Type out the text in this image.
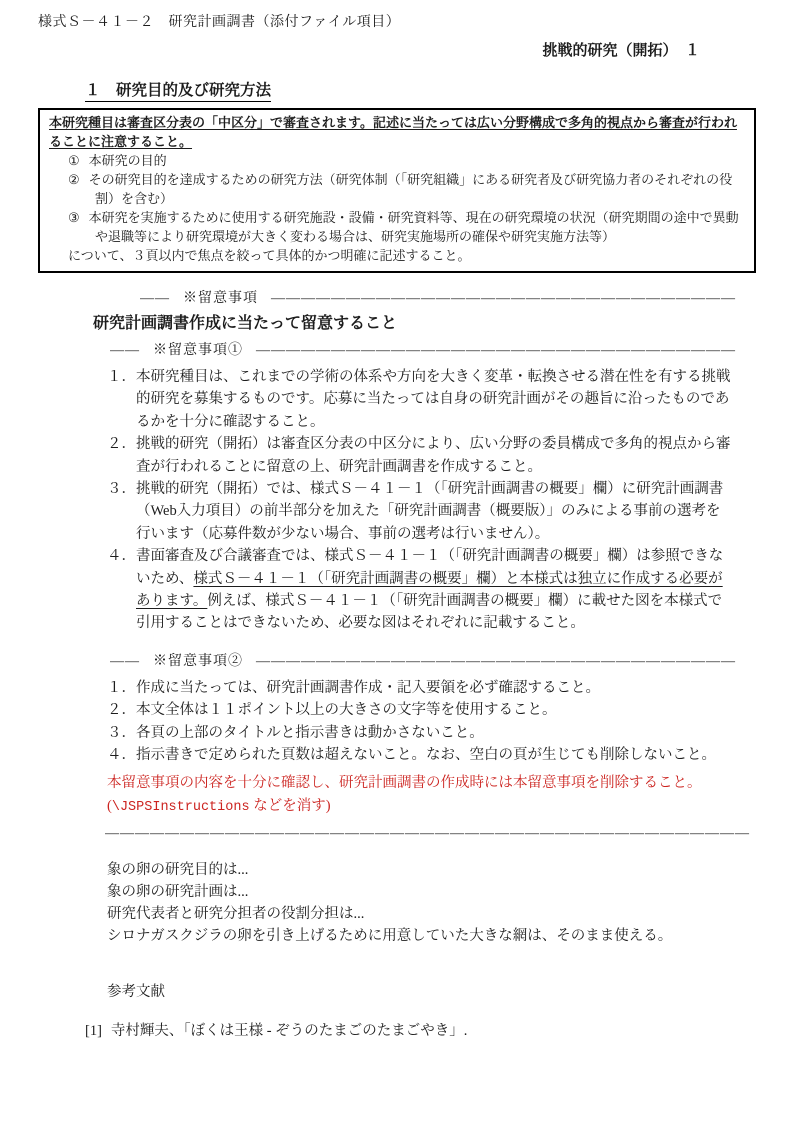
様式Ｓ－４１－２　研究計画調書（添付ファイル項目）
挑戦的研究（開拓）　１
１　研究目的及び研究方法

本研究種目は審査区分表の「中区分」で審査されます。記述に当たっては広い分野構成で多角的視点から審査が行われることに注意すること。

① 本研究の目的

② その研究目的を達成するための研究方法（研究体制（「研究組織」にある研究者及び研究協力者のそれぞれの役割）を含む）

③ 本研究を実施するために使用する研究施設・設備・研究資料等、現在の研究環境の状況（研究期間の途中で異動や退職等により研究環境が大きく変わる場合は、研究実施場所の確保や研究実施方法等）

について、３頁以内で焦点を絞って具体的かつ明確に記述すること。

―― ※留意事項 ―――――――――――――――――――――――――――――――
研究計画調書作成に当たって留意すること
―― ※留意事項① ――――――――――――――――――――――――――――――――

１．本研究種目は、これまでの学術の体系や方向を大きく変革・転換させる潜在性を有する挑戦的研究を募集するものです。応募に当たっては自身の研究計画がその趣旨に沿ったものであるかを十分に確認すること。

２．挑戦的研究（開拓）は審査区分表の中区分により、広い分野の委員構成で多角的視点から審査が行われることに留意の上、研究計画調書を作成すること。

３．挑戦的研究（開拓）では、様式Ｓ－４１－１（「研究計画調書の概要」欄）に研究計画調書（Web入力項目）の前半部分を加えた「研究計画調書（概要版）」のみによる事前の選考を行います（応募件数が少ない場合、事前の選考は行いません）。

４．書面審査及び合議審査では、様式Ｓ－４１－１（「研究計画調書の概要」欄）は参照できないため、様式Ｓ－４１－１（「研究計画調書の概要」欄）と本様式は独立に作成する必要があります。例えば、様式Ｓ－４１－１（「研究計画調書の概要」欄）に載せた図を本様式で引用することはできないため、必要な図はそれぞれに記載すること。

―― ※留意事項② ――――――――――――――――――――――――――――――――

１．作成に当たっては、研究計画調書作成・記入要領を必ず確認すること。

２．本文全体は１１ポイント以上の大きさの文字等を使用すること。

３．各頁の上部のタイトルと指示書きは動かさないこと。

４．指示書きで定められた頁数は超えないこと。なお、空白の頁が生じても削除しないこと。

本留意事項の内容を十分に確認し、研究計画調書の作成時には本留意事項を削除すること。

(\JSPSInstructions などを消す)

―――――――――――――――――――――――――――――――――――――――――――

象の卵の研究目的は...

象の卵の研究計画は...

研究代表者と研究分担者の役割分担は...

シロナガスクジラの卵を引き上げるために用意していた大きな網は、そのまま使える。

参考文献
[1] 寺村輝夫、「ぼくは王様 - ぞうのたまごのたまごやき」.
